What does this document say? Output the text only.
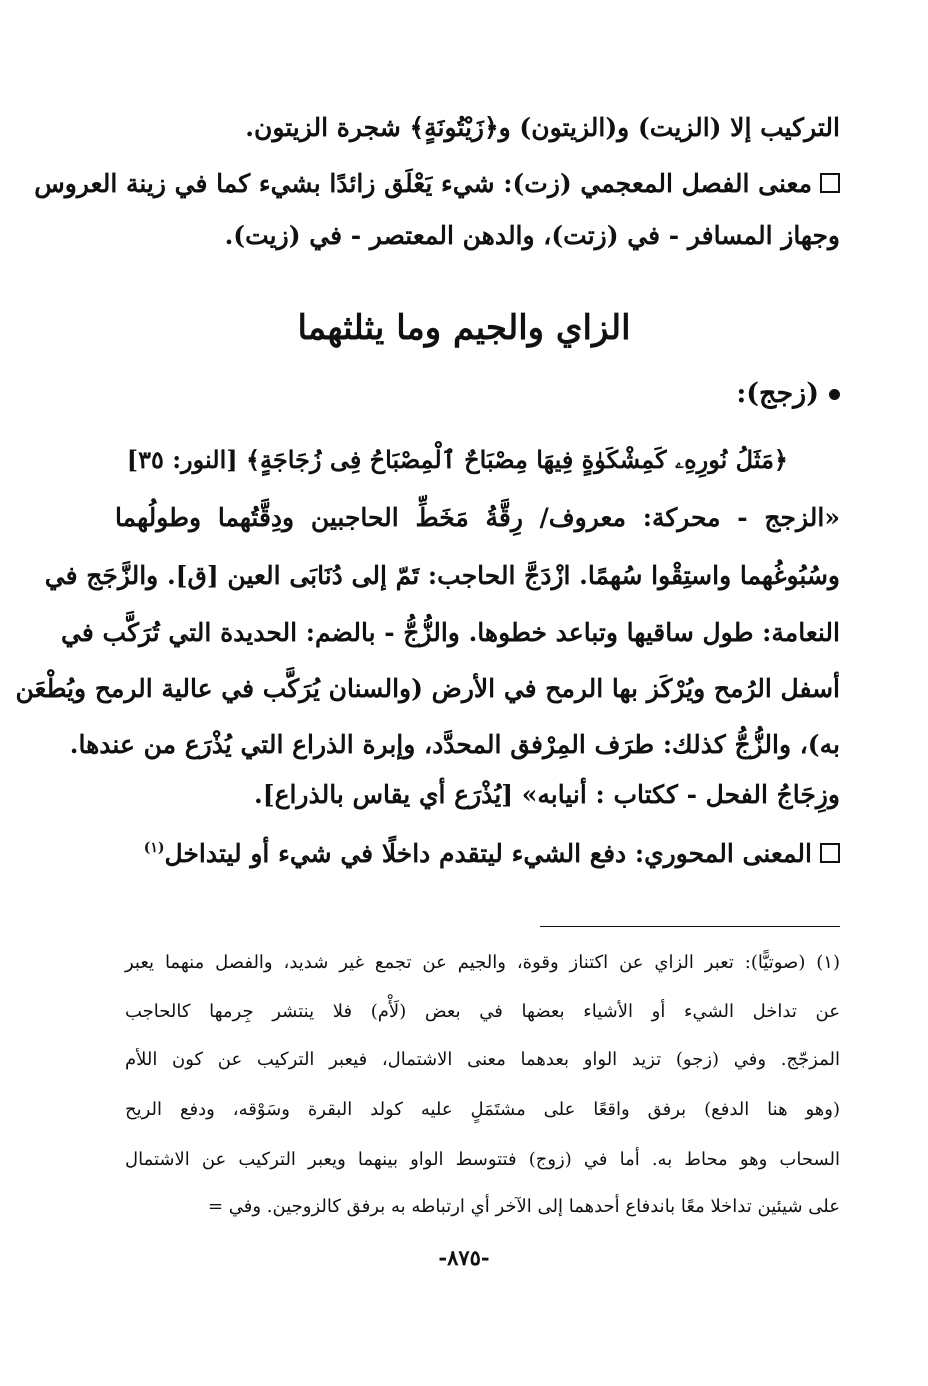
التركيب إلا (الزيت) و(الزيتون) و﴿زَيْتُونَةٍ﴾ شجرة الزيتون.
معنى الفصل المعجمي (زت): شيء يَعْلَق زائدًا بشيء كما في زينة العروس
وجهاز المسافر - في (زتت)، والدهن المعتصر - في (زيت).
الزاي والجيم وما يثلثهما
(زجج):
﴿مَثَلُ نُورِهِۦ كَمِشْكَوٰةٍ فِيهَا مِصْبَاحٌ ٱلْمِصْبَاحُ فِى زُجَاجَةٍ﴾ [النور: ٣٥]
«الزجج - محركة: معروف/ رِقَّةُ مَخَطِّ الحاجبين ودِقَّتُهما وطولُهما
وسُبُوغُهما واستِقْوا سُهمًا. ازْدَجَّ الحاجب: تَمّ إلى دُنَابَى العين [ق]. والزَّجَج في
النعامة: طول ساقيها وتباعد خطوها. والزُّجُّ - بالضم: الحديدة التي تُرَكَّب في
أسفل الرُمح ويُرْكَز بها الرمح في الأرض (والسنان يُرَكَّب في عالية الرمح ويُطْعَن
به)، والزُّجُّ كذلك: طرَف المِرْفق المحدَّد، وإبرة الذراع التي يُذْرَع من عندها.
وزِجَاجُ الفحل - ككتاب : أنيابه» [يُذْرَع أي يقاس بالذراع].
المعنى المحوري: دفع الشيء ليتقدم داخلًا في شيء أو ليتداخل$^{(١)}$
(١) (صوتيًّا): تعبر الزاي عن اكتناز وقوة، والجيم عن تجمع غير شديد، والفصل منهما يعبر
عن تداخل الشيء أو الأشياء بعضها في بعض (لَأْم) فلا ينتشر جِرمها كالحاجب
المزجّج. وفي (زجو) تزيد الواو بعدهما معنى الاشتمال، فيعبر التركيب عن كون اللأم
(وهو هنا الدفع) برفق واقعًا على مشتَمَلٍ عليه كولد البقرة وسَوْقه، ودفع الريح
السحاب وهو محاط به. أما في (زوج) فتتوسط الواو بينهما ويعبر التركيب عن الاشتمال
على شيئين تداخلا معًا باندفاع أحدهما إلى الآخر أي ارتباطه به برفق كالزوجين. وفي =
-٨٧٥-
